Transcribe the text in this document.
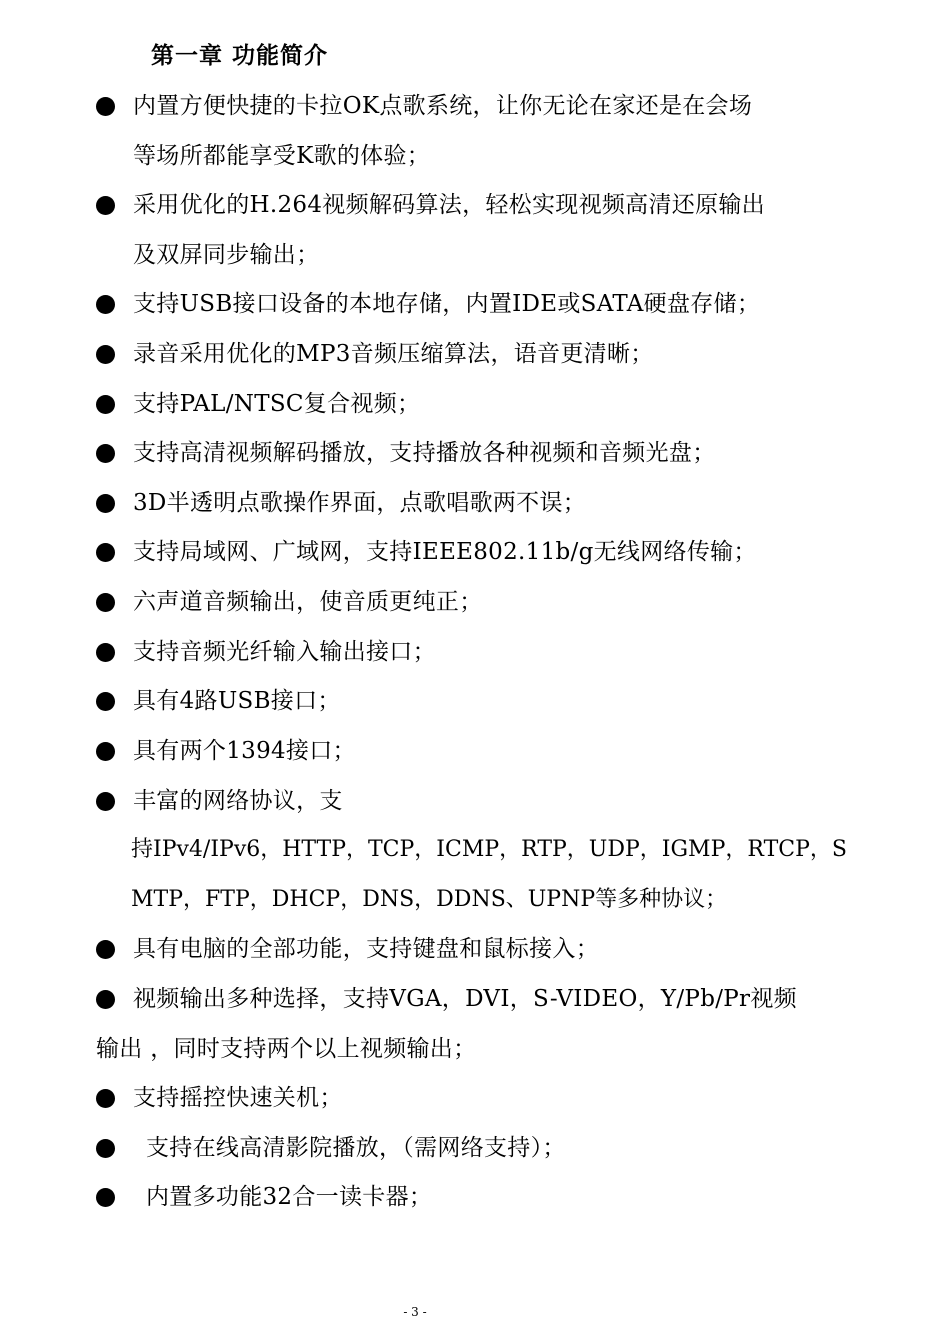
第一章 功能简介
内置方便快捷的卡拉OK点歌系统，让你无论在家还是在会场
等场所都能享受K歌的体验；
采用优化的H.264视频解码算法，轻松实现视频高清还原输出
及双屏同步输出；
支持USB接口设备的本地存储，内置IDE或SATA硬盘存储；
录音采用优化的MP3音频压缩算法，语音更清晰；
支持PAL/NTSC复合视频；
支持高清视频解码播放，支持播放各种视频和音频光盘；
3D半透明点歌操作界面，点歌唱歌两不误；
支持局域网、广域网，支持IEEE802.11b/g无线网络传输；
六声道音频输出，使音质更纯正；
支持音频光纤输入输出接口；
具有4路USB接口；
具有两个1394接口；
丰富的网络协议，支
持IPv4/IPv6，HTTP，TCP，ICMP，RTP，UDP，IGMP，RTCP，S
MTP，FTP，DHCP，DNS，DDNS、UPNP等多种协议；
具有电脑的全部功能，支持键盘和鼠标接入；
视频输出多种选择，支持VGA，DVI，S-VIDEO，Y/Pb/Pr视频
输出 ，同时支持两个以上视频输出；
支持摇控快速关机；
支持在线高清影院播放，（需网络支持）；
内置多功能32合一读卡器；
- 3 -
